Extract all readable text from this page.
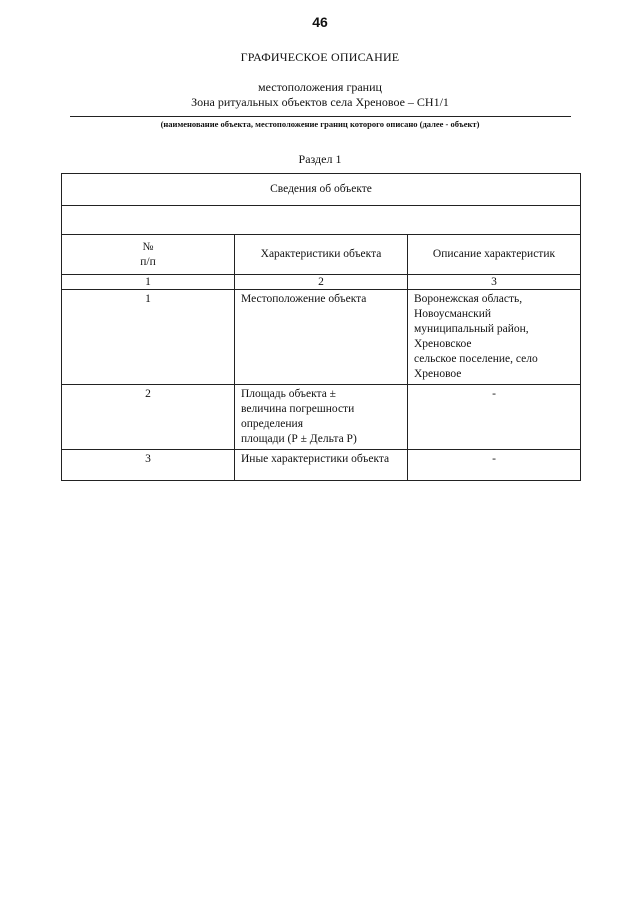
46
ГРАФИЧЕСКОЕ ОПИСАНИЕ
местоположения границ
Зона ритуальных объектов села Хреновое – СН1/1
(наименование объекта, местоположение границ которого описано (далее - объект)
Раздел 1
Сведения об объекте		

№
п/п	Характеристики объекта	Описание характеристик
1	2	3
1	Местоположение объекта	Воронежская область, Новоусманский
муниципальный район, Хреновское
сельское поселение, село Хреновое

2	Площадь объекта ±
величина погрешности определения
площади (Р ± Дельта Р)	-
3	Иные характеристики объекта	-
